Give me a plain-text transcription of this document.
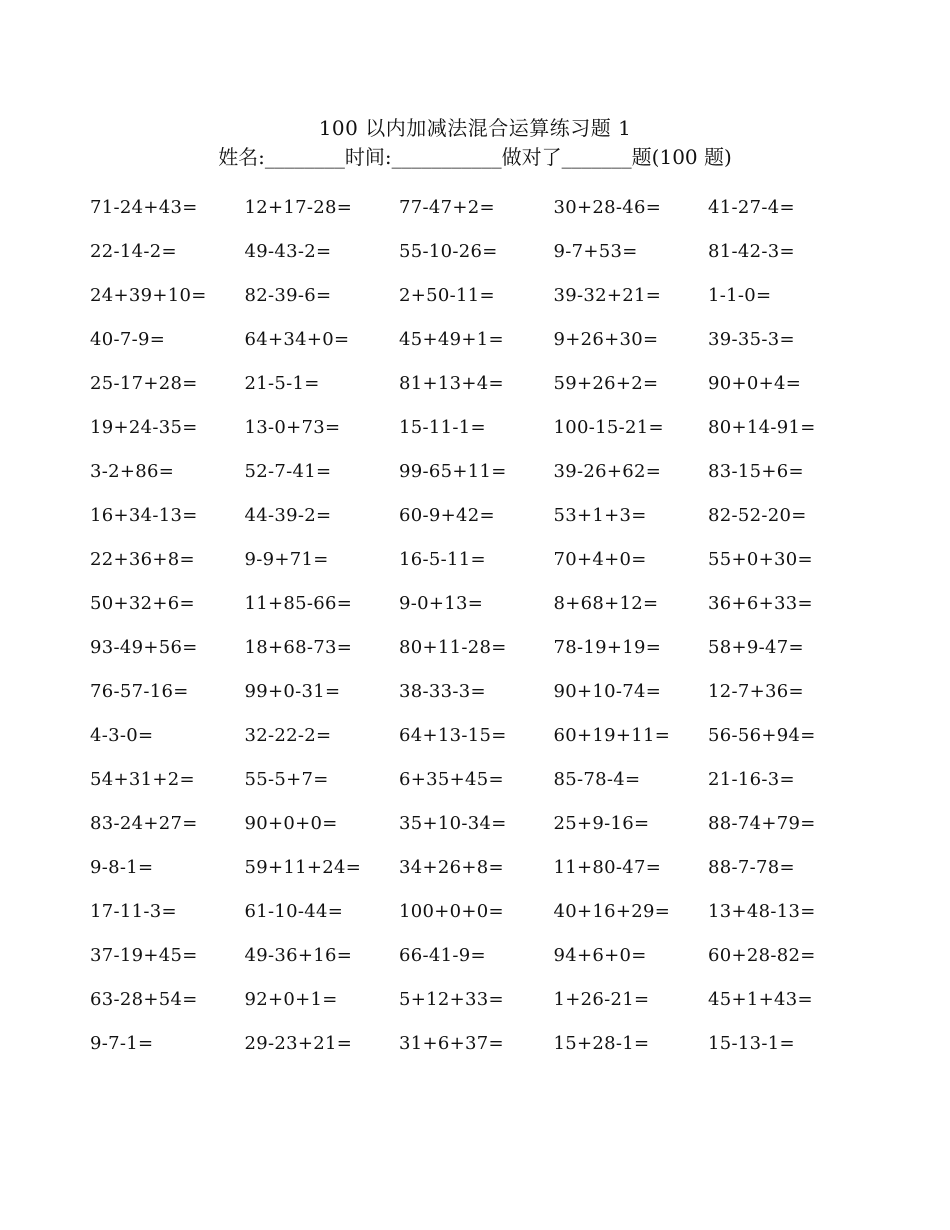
100 以内加减法混合运算练习题 1
姓名:________时间:___________做对了_______题(100 题)
71-24+43=	12+17-28=	77-47+2=	30+28-46=	41-27-4=
22-14-2=	49-43-2=	55-10-26=	9-7+53=	81-42-3=
24+39+10=	82-39-6=	2+50-11=	39-32+21=	1-1-0=
40-7-9=	64+34+0=	45+49+1=	9+26+30=	39-35-3=
25-17+28=	21-5-1=	81+13+4=	59+26+2=	90+0+4=
19+24-35=	13-0+73=	15-11-1=	100-15-21=	80+14-91=
3-2+86=	52-7-41=	99-65+11=	39-26+62=	83-15+6=
16+34-13=	44-39-2=	60-9+42=	53+1+3=	82-52-20=
22+36+8=	9-9+71=	16-5-11=	70+4+0=	55+0+30=
50+32+6=	11+85-66=	9-0+13=	8+68+12=	36+6+33=
93-49+56=	18+68-73=	80+11-28=	78-19+19=	58+9-47=
76-57-16=	99+0-31=	38-33-3=	90+10-74=	12-7+36=
4-3-0=	32-22-2=	64+13-15=	60+19+11=	56-56+94=
54+31+2=	55-5+7=	6+35+45=	85-78-4=	21-16-3=
83-24+27=	90+0+0=	35+10-34=	25+9-16=	88-74+79=
9-8-1=	59+11+24=	34+26+8=	11+80-47=	88-7-78=
17-11-3=	61-10-44=	100+0+0=	40+16+29=	13+48-13=
37-19+45=	49-36+16=	66-41-9=	94+6+0=	60+28-82=
63-28+54=	92+0+1=	5+12+33=	1+26-21=	45+1+43=
9-7-1=	29-23+21=	31+6+37=	15+28-1=	15-13-1=
